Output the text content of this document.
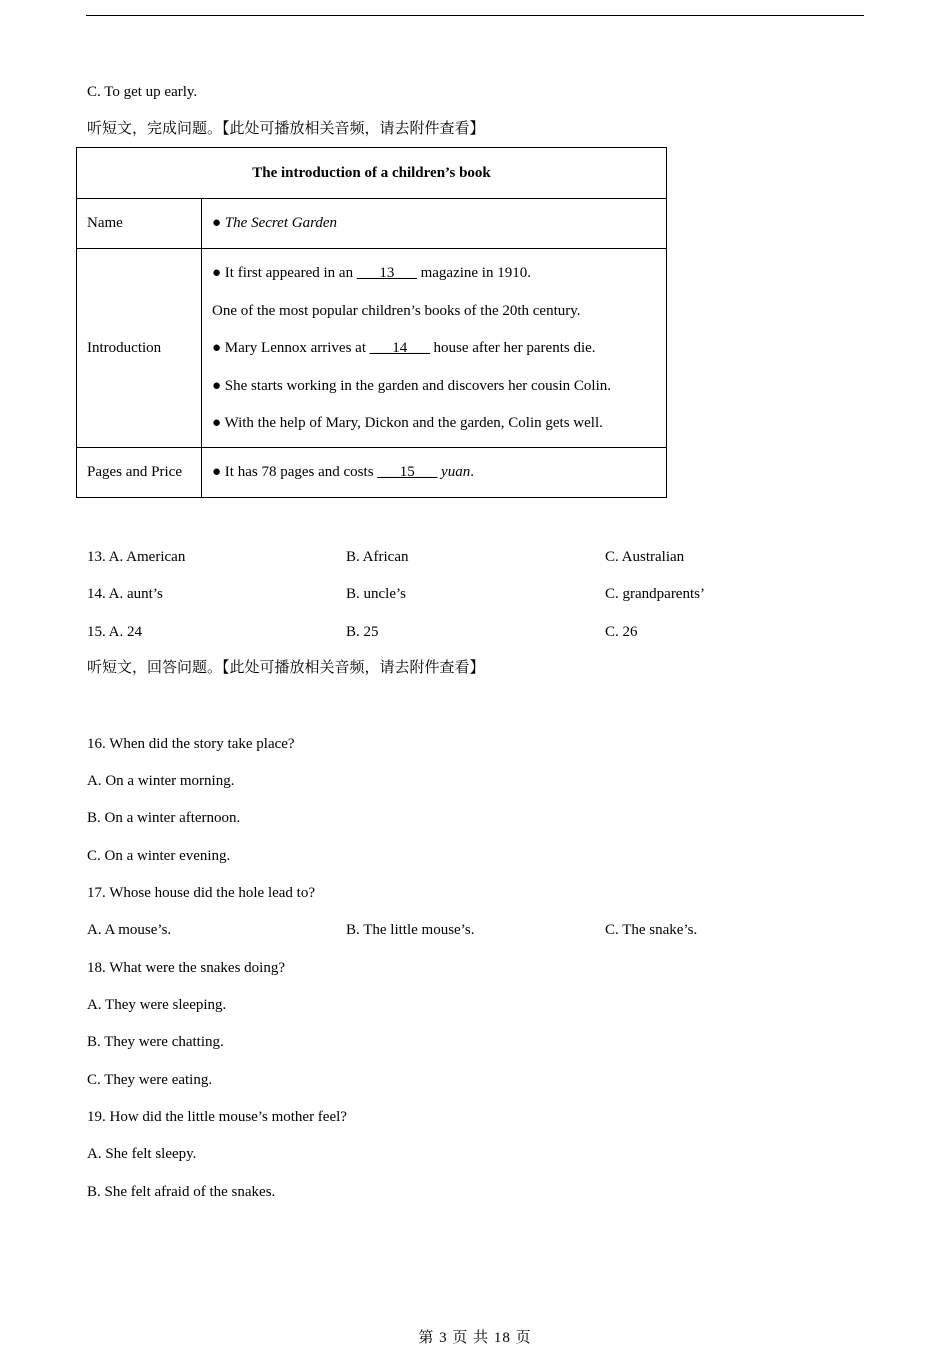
C. To get up early.
听短文，完成问题。【此处可播放相关音频，请去附件查看】
The introduction of a children’s book	
Name	● The Secret Garden
Introduction	● It first appeared in an ___13___ magazine in 1910.
One of the most popular children’s books of the 20th century.
● Mary Lennox arrives at ___14___ house after her parents die.
● She starts working in the garden and discovers her cousin Colin.
● With the help of Mary, Dickon and the garden, Colin gets well.

Pages and Price	● It has 78 pages and costs ___15___ yuan.
13. A. American	B. African	C. Australian
14. A. aunt’s	B. uncle’s	C. grandparents’
15. A. 24	B. 25	C. 26
听短文，回答问题。【此处可播放相关音频，请去附件查看】
16. When did the story take place?
A. On a winter morning.
B. On a winter afternoon.
C. On a winter evening.
17. Whose house did the hole lead to?
A. A mouse’s.	B. The little mouse’s.	C. The snake’s.
18. What were the snakes doing?
A. They were sleeping.
B. They were chatting.
C. They were eating.
19. How did the little mouse’s mother feel?
A. She felt sleepy.
B. She felt afraid of the snakes.
第 3 页 共 18 页
